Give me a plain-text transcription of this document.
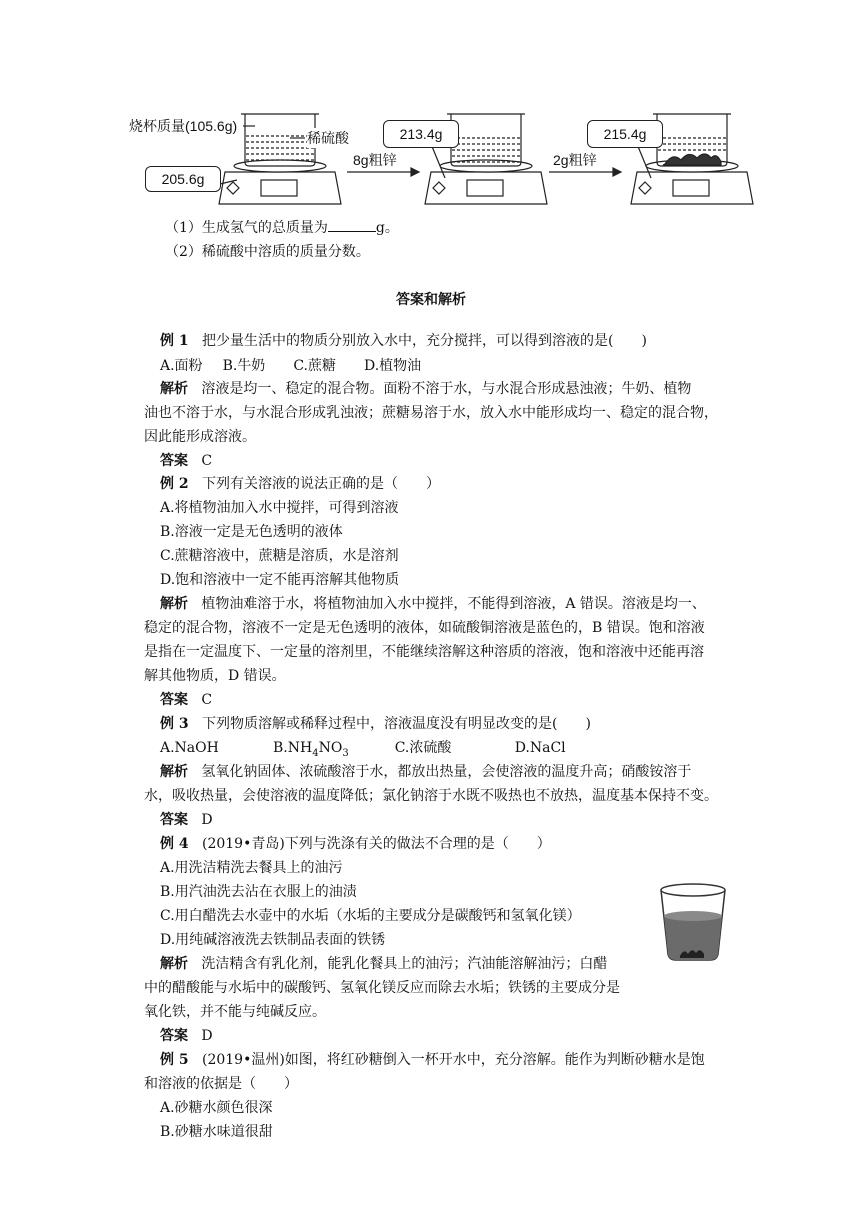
烧杯质量(105.6g)
稀硫酸
205.6g
8g粗锌
213.4g
2g粗锌
215.4g
（1）生成氢气的总质量为	g。
（2）稀硫酸中溶质的质量分数。
答案和解析
例 1 把少量生活中的物质分别放入水中，充分搅拌，可以得到溶液的是(　　)
A.面粉 B.牛奶 C.蔗糖 D.植物油
解析 溶液是均一、稳定的混合物。面粉不溶于水，与水混合形成悬浊液；牛奶、植物
油也不溶于水，与水混合形成乳浊液；蔗糖易溶于水，放入水中能形成均一、稳定的混合物，
因此能形成溶液。
答案 C
例 2 下列有关溶液的说法正确的是（　　）
A.将植物油加入水中搅拌，可得到溶液
B.溶液一定是无色透明的液体
C.蔗糖溶液中，蔗糖是溶质，水是溶剂
D.饱和溶液中一定不能再溶解其他物质
解析 植物油难溶于水，将植物油加入水中搅拌，不能得到溶液，A 错误。溶液是均一、
稳定的混合物，溶液不一定是无色透明的液体，如硫酸铜溶液是蓝色的，B 错误。饱和溶液
是指在一定温度下、一定量的溶剂里，不能继续溶解这种溶质的溶液，饱和溶液中还能再溶
解其他物质，D 错误。
答案 C
例 3 下列物质溶解或稀释过程中，溶液温度没有明显改变的是(　　)
A.NaOH	$B.NH_4NO_3$	C.浓硫酸	D.NaCl
解析 氢氧化钠固体、浓硫酸溶于水，都放出热量，会使溶液的温度升高；硝酸铵溶于
水，吸收热量，会使溶液的温度降低；氯化钠溶于水既不吸热也不放热，温度基本保持不变。
答案 D
例 4 (2019•青岛)下列与洗涤有关的做法不合理的是（　　）
A.用洗洁精洗去餐具上的油污
B.用汽油洗去沾在衣服上的油渍
C.用白醋洗去水壶中的水垢（水垢的主要成分是碳酸钙和氢氧化镁）
D.用纯碱溶液洗去铁制品表面的铁锈
解析 洗洁精含有乳化剂，能乳化餐具上的油污；汽油能溶解油污；白醋
中的醋酸能与水垢中的碳酸钙、氢氧化镁反应而除去水垢；铁锈的主要成分是
氧化铁，并不能与纯碱反应。
答案 D
例 5 (2019•温州)如图，将红砂糖倒入一杯开水中，充分溶解。能作为判断砂糖水是饱
和溶液的依据是（　　）
A.砂糖水颜色很深
B.砂糖水味道很甜
